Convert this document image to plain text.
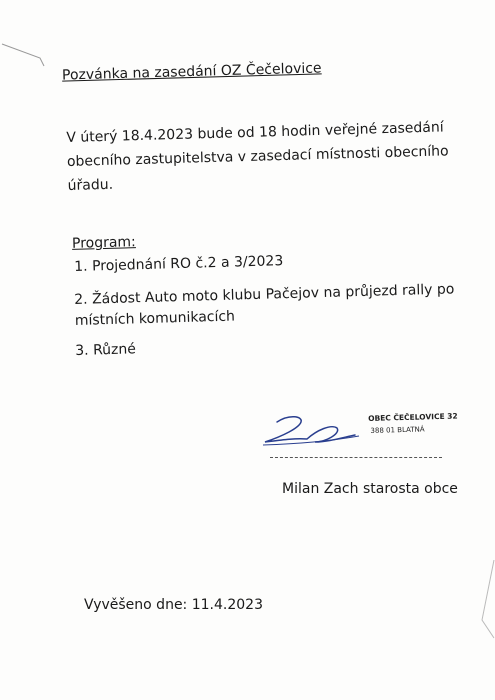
Pozvánka na zasedání OZ Čečelovice
V úterý 18.4.2023 bude od 18 hodin veřejné zasedání
obecního zastupitelstva v zasedací místnosti obecního
úřadu.
Program:
1. Projednání RO č.2 a 3/2023
2. Žádost Auto moto klubu Pačejov na průjezd rally po
místních komunikacích
3. Různé
OBEC ČEČELOVICE 32
388 01 BLATNÁ
Milan Zach starosta obce
Vyvěšeno dne: 11.4.2023
